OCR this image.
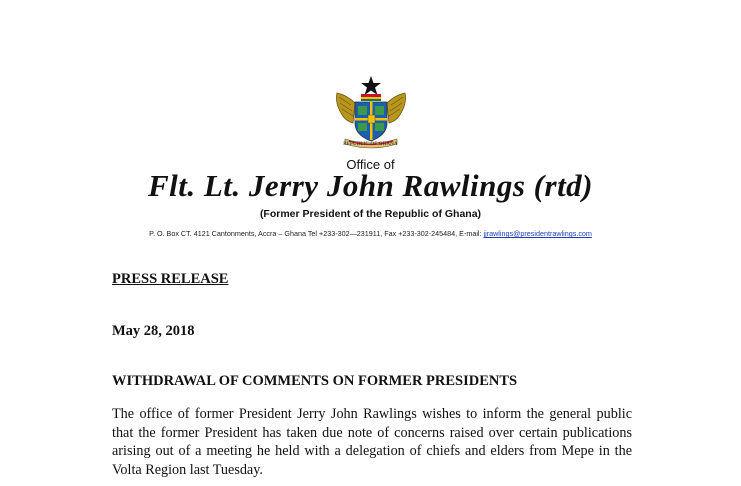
REPUBLIC OF GHANA
Office of
Flt. Lt. Jerry John Rawlings (rtd)
(Former President of the Republic of Ghana)
P. O. Box CT. 4121 Cantonments, Accra – Ghana Tel +233-302—231911, Fax +233-302-245484, E-mail: jjrawlings@presidentrawlings.com
PRESS RELEASE
May 28, 2018
WITHDRAWAL OF COMMENTS ON FORMER PRESIDENTS

The office of former President Jerry John Rawlings wishes to inform the general public that the former President has taken due note of concerns raised over certain publications arising out of a meeting he held with a delegation of chiefs and elders from Mepe in the Volta Region last Tuesday.
